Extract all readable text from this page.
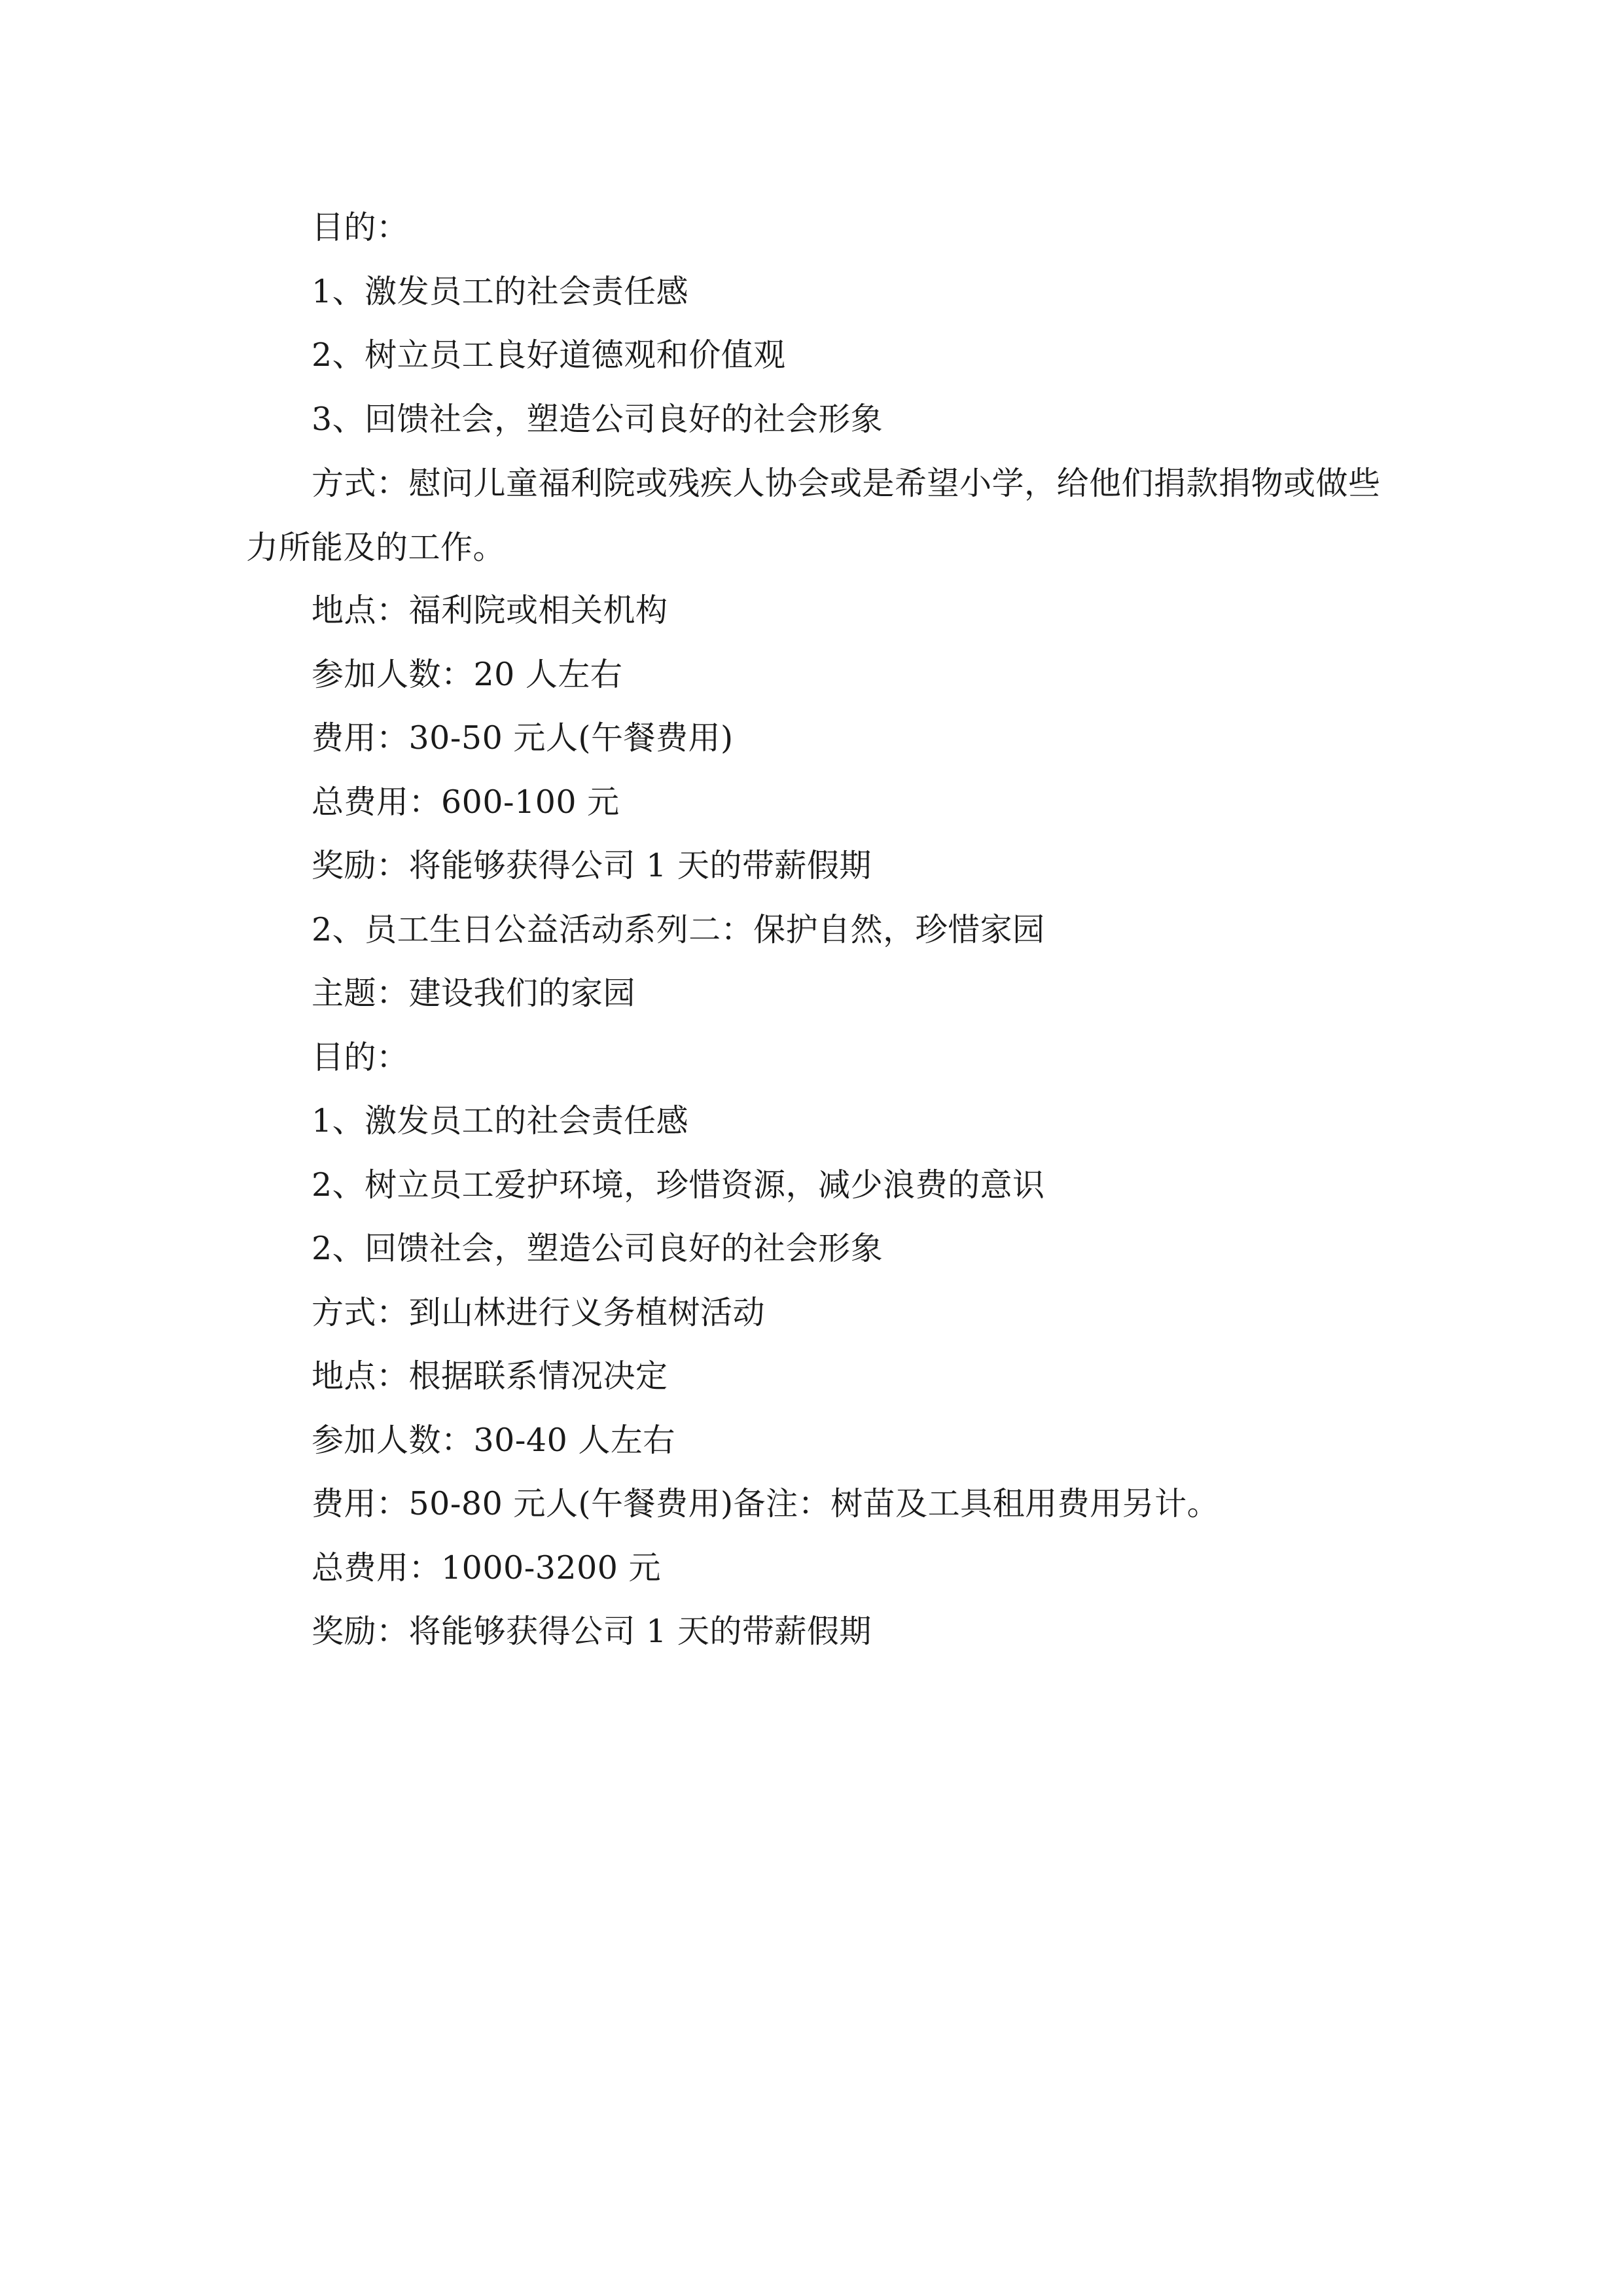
目的：
1、激发员工的社会责任感
2、树立员工良好道德观和价值观
3、回馈社会，塑造公司良好的社会形象
方式：慰问儿童福利院或残疾人协会或是希望小学，给他们捐款捐物或做些力所能及的工作。
地点：福利院或相关机构
参加人数：20 人左右
费用：30-50 元人(午餐费用)
总费用：600-100 元
奖励：将能够获得公司 1 天的带薪假期
2、员工生日公益活动系列二：保护自然，珍惜家园
主题：建设我们的家园
目的：
1、激发员工的社会责任感
2、树立员工爱护环境，珍惜资源，减少浪费的意识
2、回馈社会，塑造公司良好的社会形象
方式：到山林进行义务植树活动
地点：根据联系情况决定
参加人数：30-40 人左右
费用：50-80 元人(午餐费用)备注：树苗及工具租用费用另计。
总费用：1000-3200 元
奖励：将能够获得公司 1 天的带薪假期
